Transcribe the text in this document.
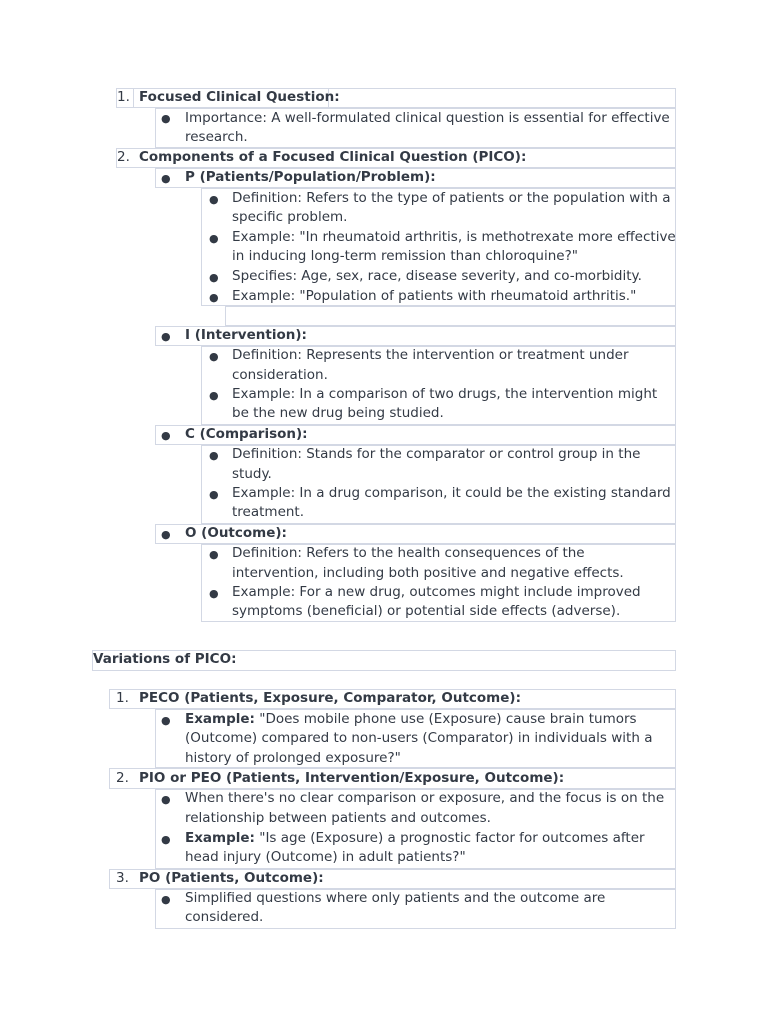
1. Focused Clinical Question:
● Importance: A well-formulated clinical question is essential for effective
research.
2. Components of a Focused Clinical Question (PICO):
● P (Patients/Population/Problem):
● Definition: Refers to the type of patients or the population with a
specific problem.
● Example: "In rheumatoid arthritis, is methotrexate more effective
in inducing long-term remission than chloroquine?"
● Specifies: Age, sex, race, disease severity, and co-morbidity.
● Example: "Population of patients with rheumatoid arthritis."
● I (Intervention):
● Definition: Represents the intervention or treatment under
consideration.
● Example: In a comparison of two drugs, the intervention might
be the new drug being studied.
● C (Comparison):
● Definition: Stands for the comparator or control group in the
study.
● Example: In a drug comparison, it could be the existing standard
treatment.
● O (Outcome):
● Definition: Refers to the health consequences of the
intervention, including both positive and negative effects.
● Example: For a new drug, outcomes might include improved
symptoms (beneficial) or potential side effects (adverse).
Variations of PICO:
1. PECO (Patients, Exposure, Comparator, Outcome):
● Example: "Does mobile phone use (Exposure) cause brain tumors
(Outcome) compared to non-users (Comparator) in individuals with a
history of prolonged exposure?"
2. PIO or PEO (Patients, Intervention/Exposure, Outcome):
● When there's no clear comparison or exposure, and the focus is on the
relationship between patients and outcomes.
● Example: "Is age (Exposure) a prognostic factor for outcomes after
head injury (Outcome) in adult patients?"
3. PO (Patients, Outcome):
● Simplified questions where only patients and the outcome are
considered.
